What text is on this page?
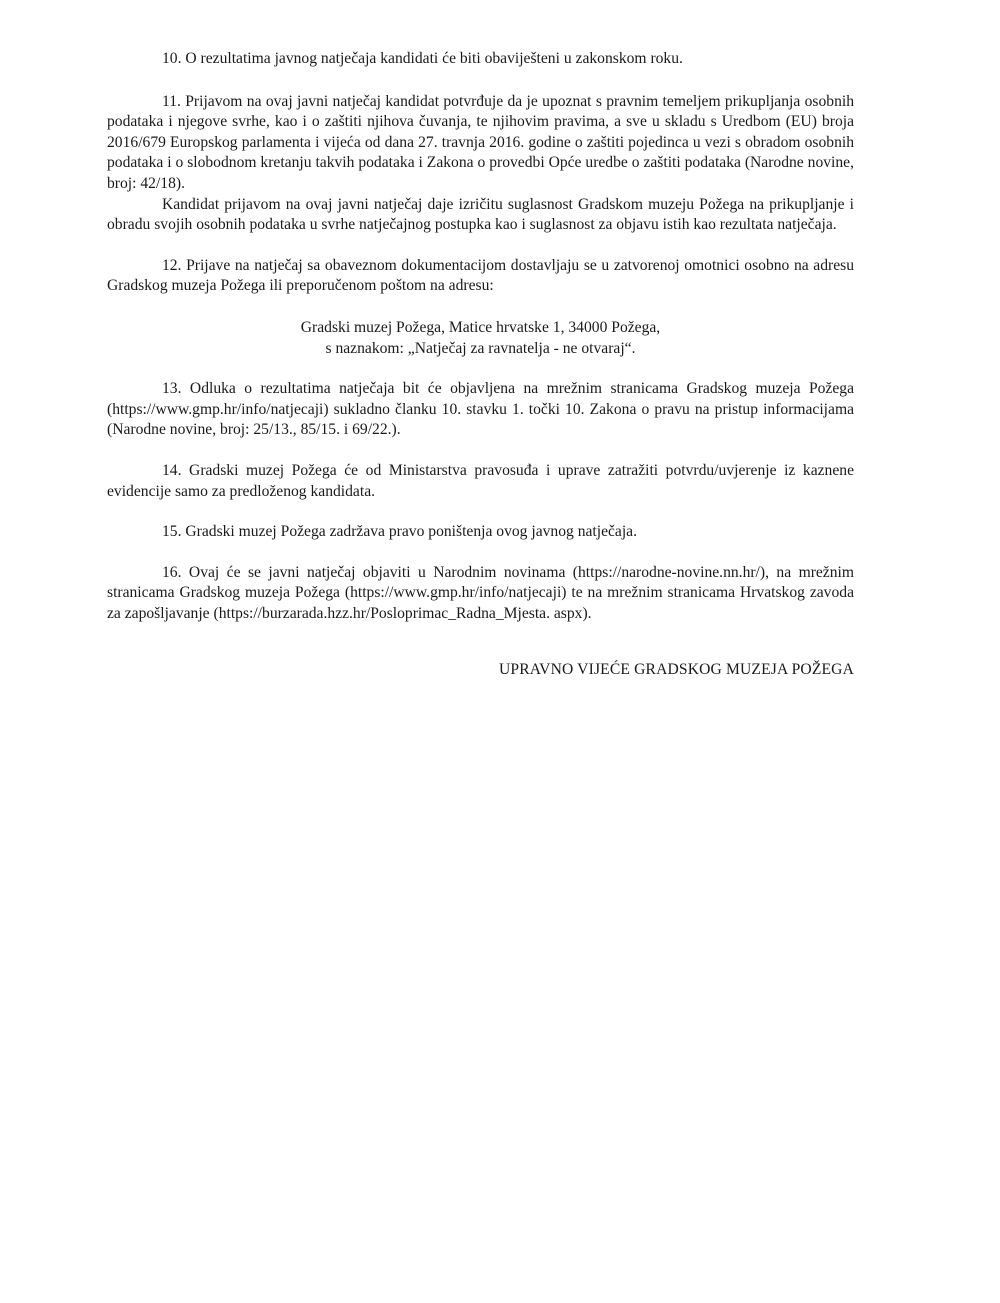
10. O rezultatima javnog natječaja kandidati će biti obaviješteni u zakonskom roku.

11. Prijavom na ovaj javni natječaj kandidat potvrđuje da je upoznat s pravnim temeljem prikupljanja osobnih podataka i njegove svrhe, kao i o zaštiti njihova čuvanja, te njihovim pravima, a sve u skladu s Uredbom (EU) broja 2016/679 Europskog parlamenta i vijeća od dana 27. travnja 2016. godine o zaštiti pojedinca u vezi s obradom osobnih podataka i o slobodnom kretanju takvih podataka i Zakona o provedbi Opće uredbe o zaštiti podataka (Narodne novine, broj: 42/18).

Kandidat prijavom na ovaj javni natječaj daje izričitu suglasnost Gradskom muzeju Požega na prikupljanje i obradu svojih osobnih podataka u svrhe natječajnog postupka kao i suglasnost za objavu istih kao rezultata natječaja.

12. Prijave na natječaj sa obaveznom dokumentacijom dostavljaju se u zatvorenoj omotnici osobno na adresu Gradskog muzeja Požega ili preporučenom poštom na adresu:

Gradski muzej Požega, Matice hrvatske 1, 34000 Požega,
s naznakom: „Natječaj za ravnatelja - ne otvaraj“.

13. Odluka o rezultatima natječaja bit će objavljena na mrežnim stranicama Gradskog muzeja Požega (https://www.gmp.hr/info/natjecaji) sukladno članku 10. stavku 1. točki 10. Zakona o pravu na pristup informacijama (Narodne novine, broj: 25/13., 85/15. i 69/22.).

14. Gradski muzej Požega će od Ministarstva pravosuđa i uprave zatražiti potvrdu/uvjerenje iz kaznene evidencije samo za predloženog kandidata.

15. Gradski muzej Požega zadržava pravo poništenja ovog javnog natječaja.

16. Ovaj će se javni natječaj objaviti u Narodnim novinama (https://narodne-novine.nn.hr/), na mrežnim stranicama Gradskog muzeja Požega (https://www.gmp.hr/info/natjecaji) te na mrežnim stranicama Hrvatskog zavoda za zapošljavanje (https://burzarada.hzz.hr/Posloprimac_Radna_Mjesta. aspx).

UPRAVNO VIJEĆE GRADSKOG MUZEJA POŽEGA
